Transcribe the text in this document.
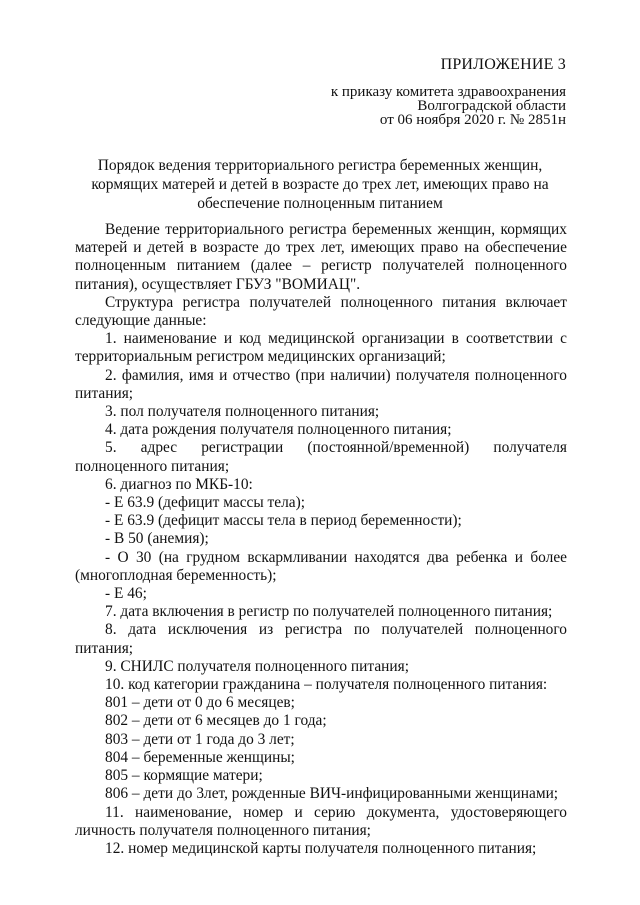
ПРИЛОЖЕНИЕ 3
к приказу комитета здравоохранения
Волгоградской области
от 06 ноября 2020 г. № 2851н
Порядок ведения территориального регистра беременных женщин,
кормящих матерей и детей в возрасте до трех лет, имеющих право на
обеспечение полноценным питанием

Ведение территориального регистра беременных женщин, кормящих матерей и детей в возрасте до трех лет, имеющих право на обеспечение полноценным питанием (далее – регистр получателей полноценного питания), осуществляет ГБУЗ "ВОМИАЦ".

Структура регистра получателей полноценного питания включает следующие данные:

1. наименование и код медицинской организации в соответствии с территориальным регистром медицинских организаций;

2. фамилия, имя и отчество (при наличии) получателя полноценного питания;

3. пол получателя полноценного питания;

4. дата рождения получателя полноценного питания;

5. адрес регистрации (постоянной/временной) получателя полноценного питания;

6. диагноз по МКБ-10:

- Е 63.9 (дефицит массы тела);

- Е 63.9 (дефицит массы тела в период беременности);

- В 50 (анемия);

- О 30 (на грудном вскармливании находятся два ребенка и более (многоплодная беременность);

- Е 46;

7. дата включения в регистр по получателей полноценного питания;

8. дата исключения из регистра по получателей полноценного питания;

9. СНИЛС получателя полноценного питания;

10. код категории гражданина – получателя полноценного питания:

801 – дети от 0 до 6 месяцев;

802 – дети от 6 месяцев до 1 года;

803 – дети от 1 года до 3 лет;

804 – беременные женщины;

805 – кормящие матери;

806 – дети до 3лет, рожденные ВИЧ-инфицированными женщинами;

11. наименование, номер и серию документа, удостоверяющего личность получателя полноценного питания;

12. номер медицинской карты получателя полноценного питания;
